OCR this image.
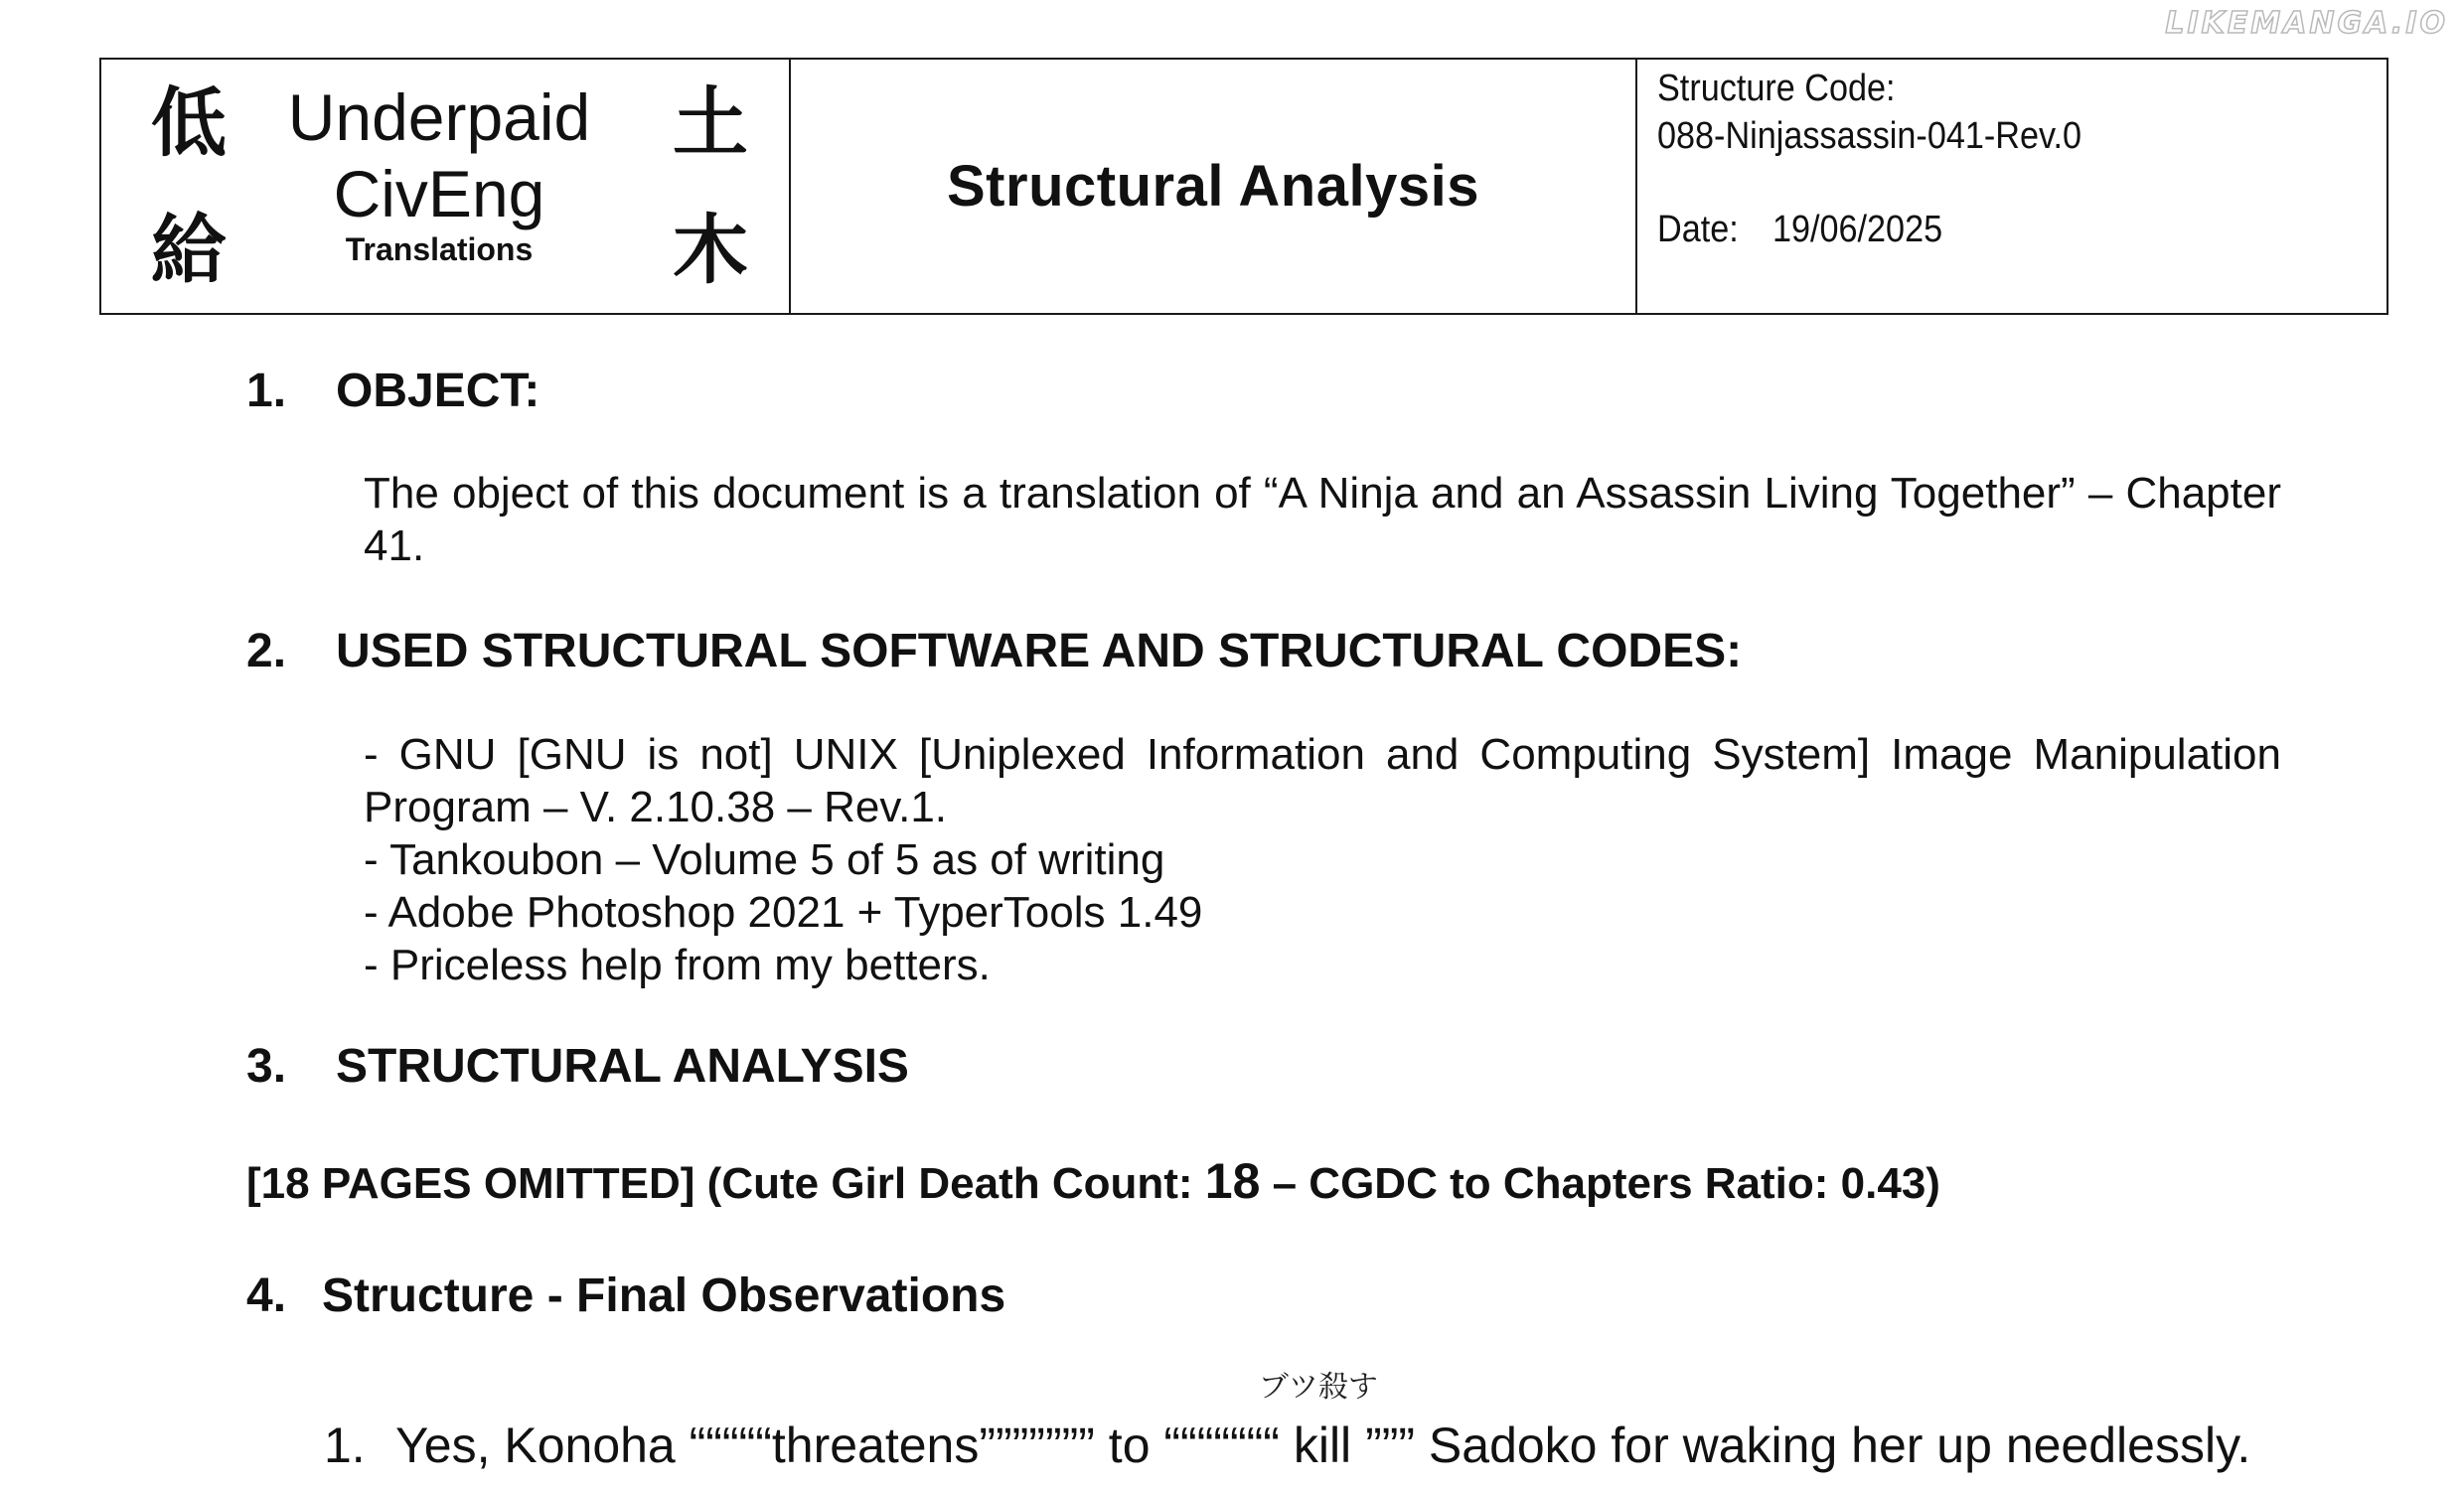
LIKEMANGA.IO
低
給
土
木
Underpaid
CivEng
Translations
Structural Analysis
Structure Code:
088-Ninjassassin-041-Rev.0
Date: 19/06/2025
1. OBJECT:
The object of this document is a translation of “A Ninja and an Assassin Living Together” – Chapter 41.
2. USED STRUCTURAL SOFTWARE AND STRUCTURAL CODES:
- GNU [GNU is not] UNIX [Uniplexed Information and Computing System] Image Manipulation Program – V. 2.10.38 – Rev.1.
- Tankoubon – Volume 5 of 5 as of writing
- Adobe Photoshop 2021 + TyperTools 1.49
- Priceless help from my betters.
3. STRUCTURAL ANALYSIS
[18 PAGES OMITTED] (Cute Girl Death Count: 18 – CGDC to Chapters Ratio: 0.43)
4. Structure - Final Observations
1. Yes, Konoha “““““threatens””””””” to “““““““
ブツ殺す
kill ””” Sadoko for waking her up needlessly.
